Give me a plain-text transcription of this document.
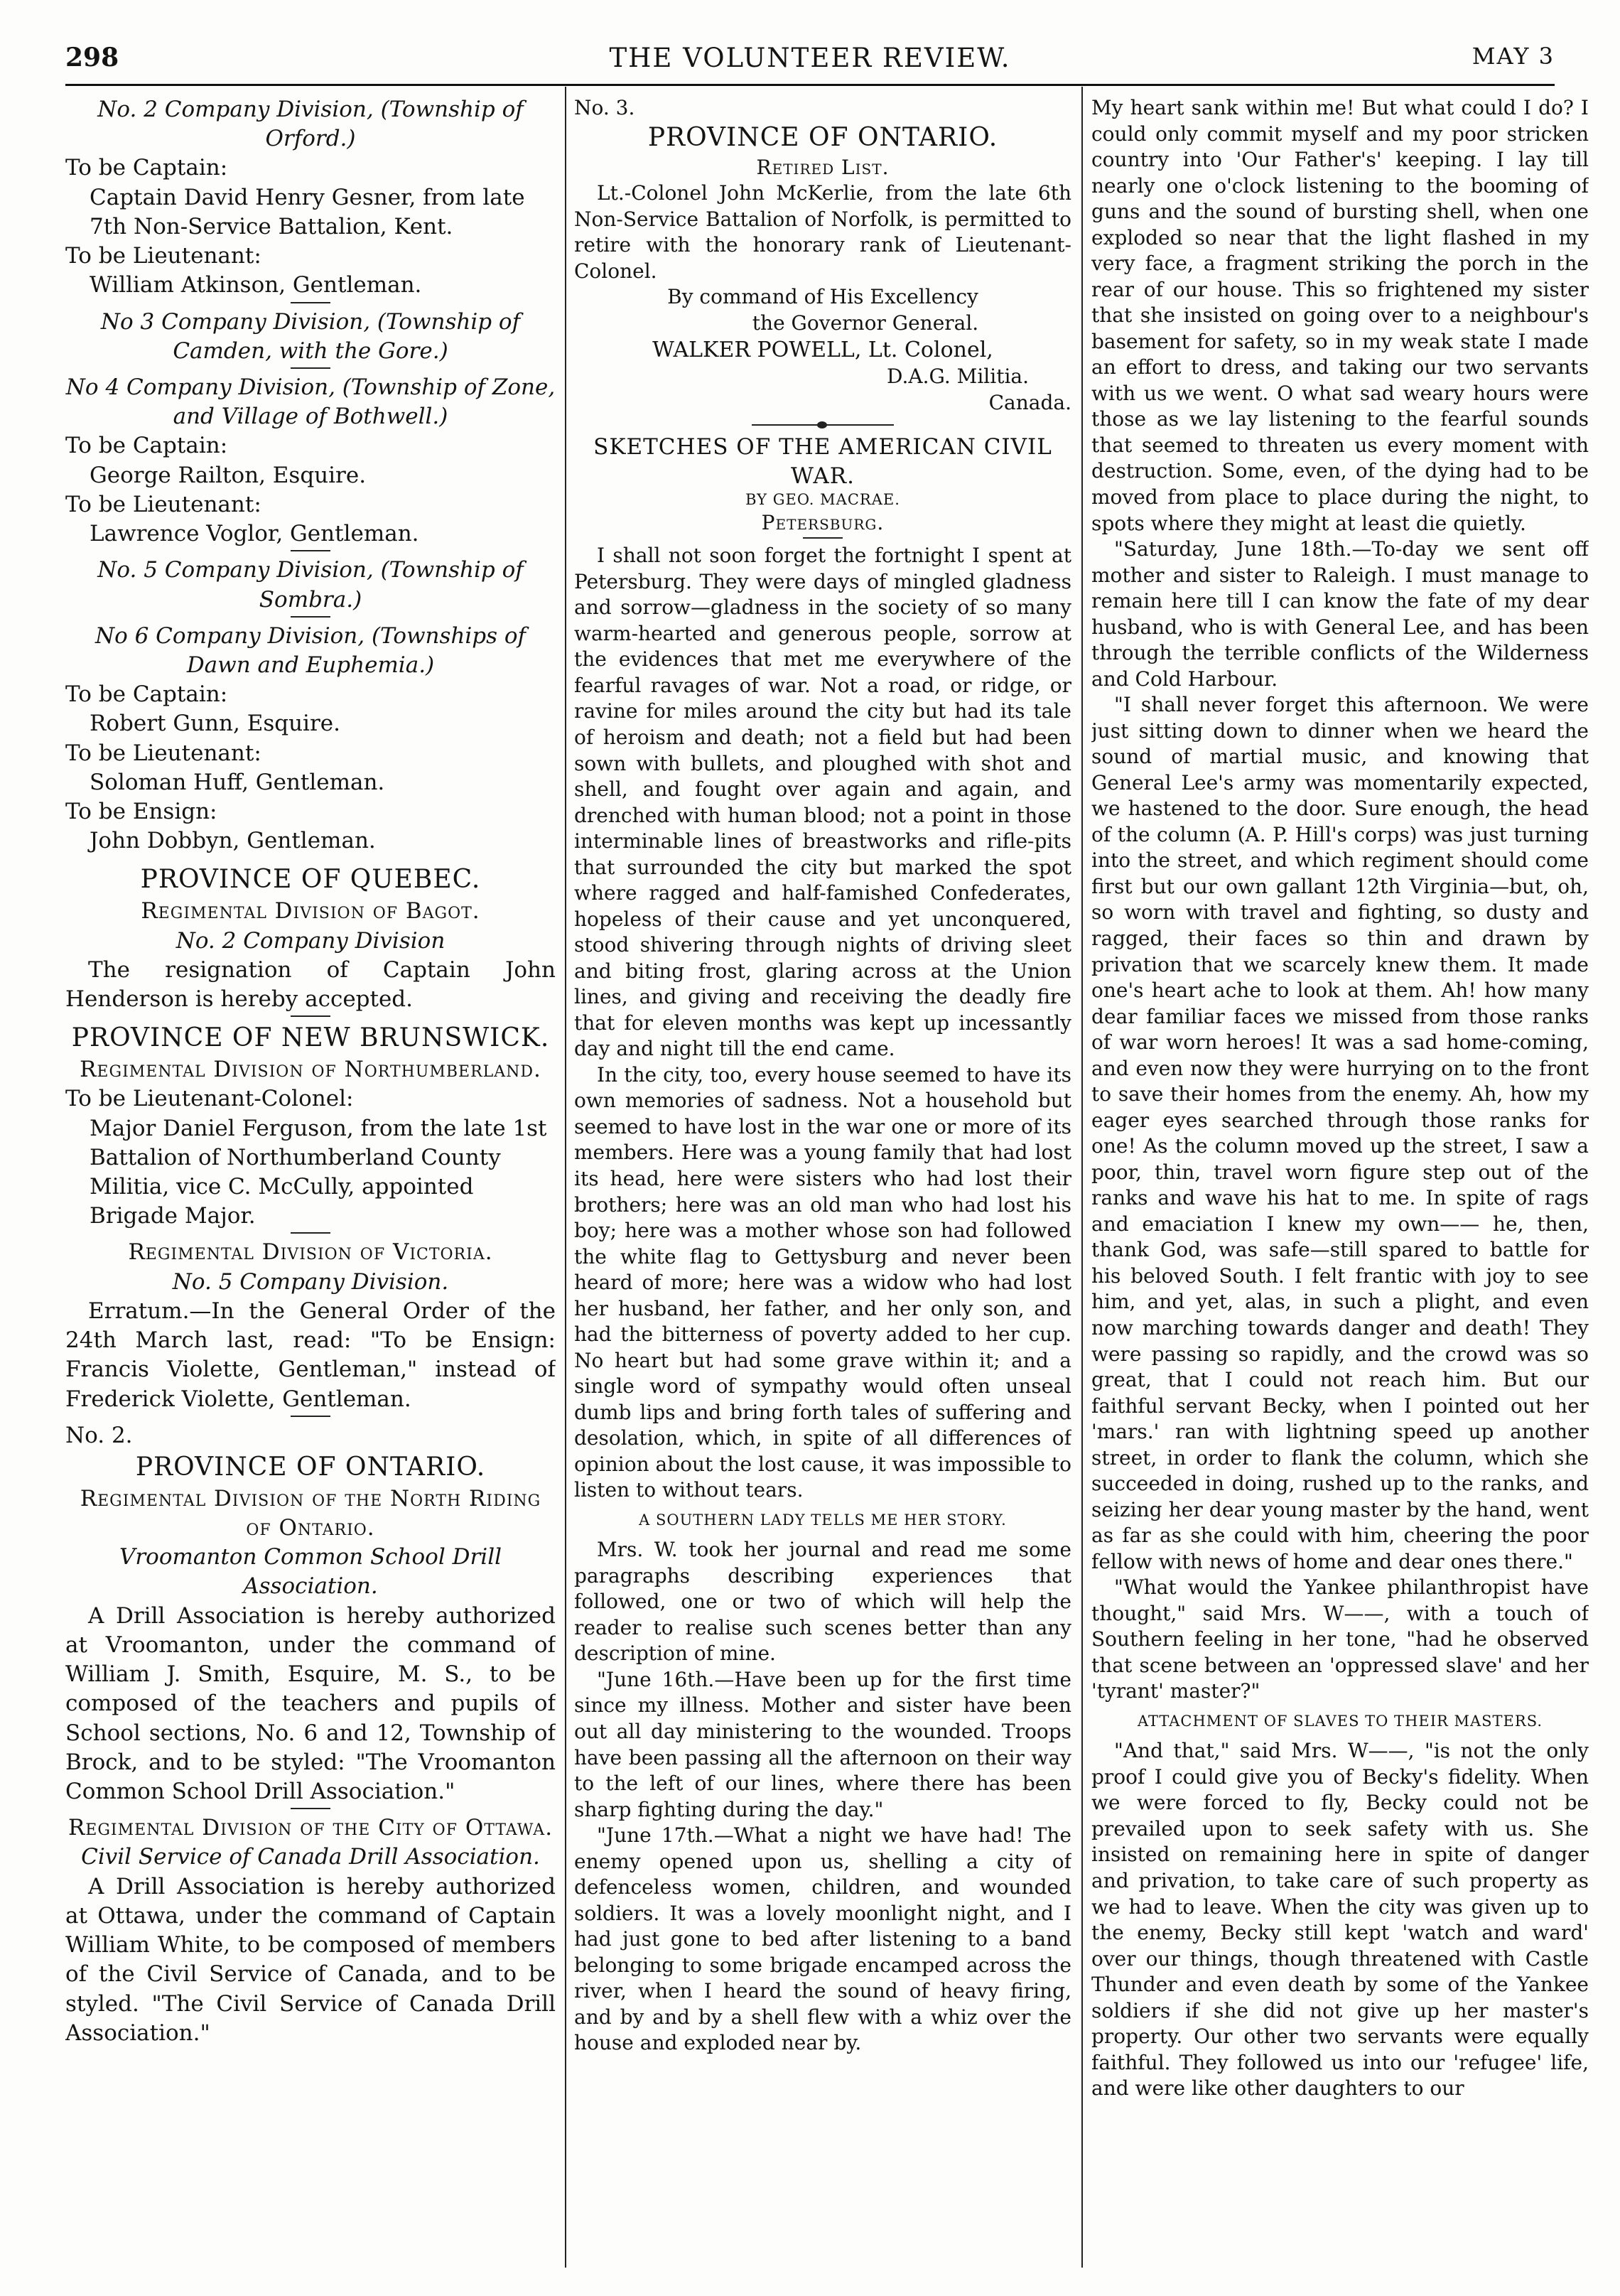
298	THE VOLUNTEER REVIEW.	MAY 3

No. 2 Company Division, (Township of Orford.)

To be Captain:

Captain David Henry Gesner, from late 7th Non-Service Battalion, Kent.

To be Lieutenant:

William Atkinson, Gentleman.

No 3 Company Division, (Township of Camden, with the Gore.)

No 4 Company Division, (Township of Zone, and Village of Bothwell.)

To be Captain:

George Railton, Esquire.

To be Lieutenant:

Lawrence Voglor, Gentleman.

No. 5 Company Division, (Township of Sombra.)

No 6 Company Division, (Townships of Dawn and Euphemia.)

To be Captain:

Robert Gunn, Esquire.

To be Lieutenant:

Soloman Huff, Gentleman.

To be Ensign:

John Dobbyn, Gentleman.

PROVINCE OF QUEBEC.

Regimental Division of Bagot.

No. 2 Company Division

The resignation of Captain John Henderson is hereby accepted.

PROVINCE OF NEW BRUNSWICK.

Regimental Division of Northumberland.

To be Lieutenant-Colonel:

Major Daniel Ferguson, from the late 1st Battalion of Northumberland County Militia, vice C. McCully, appointed Brigade Major.

Regimental Division of Victoria.

No. 5 Company Division.

Erratum.—In the General Order of the 24th March last, read: "To be Ensign: Francis Violette, Gentleman," instead of Frederick Violette, Gentleman.

No. 2.

PROVINCE OF ONTARIO.

Regimental Division of the North Riding of Ontario.

Vroomanton Common School Drill Association.

A Drill Association is hereby authorized at Vroomanton, under the command of William J. Smith, Esquire, M. S., to be composed of the teachers and pupils of School sections, No. 6 and 12, Township of Brock, and to be styled: "The Vroomanton Common School Drill Association."

Regimental Division of the City of Ottawa.

Civil Service of Canada Drill Association.

A Drill Association is hereby authorized at Ottawa, under the command of Captain William White, to be composed of members of the Civil Service of Canada, and to be styled. "The Civil Service of Canada Drill Association."

No. 3.

PROVINCE OF ONTARIO.

Retired List.

Lt.-Colonel John McKerlie, from the late 6th Non-Service Battalion of Norfolk, is permitted to retire with the honorary rank of Lieutenant-Colonel.

By command of His Excellency

the Governor General.

WALKER POWELL, Lt. Colonel,

D.A.G. Militia.

Canada.

SKETCHES OF THE AMERICAN CIVIL WAR.

BY GEO. MACRAE.

Petersburg.

I shall not soon forget the fortnight I spent at Petersburg. They were days of mingled gladness and sorrow—gladness in the society of so many warm-hearted and generous people, sorrow at the evidences that met me everywhere of the fearful ravages of war. Not a road, or ridge, or ravine for miles around the city but had its tale of heroism and death; not a field but had been sown with bullets, and ploughed with shot and shell, and fought over again and again, and drenched with human blood; not a point in those interminable lines of breastworks and rifle-pits that surrounded the city but marked the spot where ragged and half-famished Confederates, hopeless of their cause and yet unconquered, stood shivering through nights of driving sleet and biting frost, glaring across at the Union lines, and giving and receiving the deadly fire that for eleven months was kept up incessantly day and night till the end came.

In the city, too, every house seemed to have its own memories of sadness. Not a household but seemed to have lost in the war one or more of its members. Here was a young family that had lost its head, here were sisters who had lost their brothers; here was an old man who had lost his boy; here was a mother whose son had followed the white flag to Gettysburg and never been heard of more; here was a widow who had lost her husband, her father, and her only son, and had the bitterness of poverty added to her cup. No heart but had some grave within it; and a single word of sympathy would often unseal dumb lips and bring forth tales of suffering and desolation, which, in spite of all differences of opinion about the lost cause, it was impossible to listen to without tears.

A SOUTHERN LADY TELLS ME HER STORY.

Mrs. W. took her journal and read me some paragraphs describing experiences that followed, one or two of which will help the reader to realise such scenes better than any description of mine.

"June 16th.—Have been up for the first time since my illness. Mother and sister have been out all day ministering to the wounded. Troops have been passing all the afternoon on their way to the left of our lines, where there has been sharp fighting during the day."

"June 17th.—What a night we have had! The enemy opened upon us, shelling a city of defenceless women, children, and wounded soldiers. It was a lovely moonlight night, and I had just gone to bed after listening to a band belonging to some brigade encamped across the river, when I heard the sound of heavy firing, and by and by a shell flew with a whiz over the house and exploded near by.

My heart sank within me! But what could I do? I could only commit myself and my poor stricken country into 'Our Father's' keeping. I lay till nearly one o'clock listening to the booming of guns and the sound of bursting shell, when one exploded so near that the light flashed in my very face, a fragment striking the porch in the rear of our house. This so frightened my sister that she insisted on going over to a neighbour's basement for safety, so in my weak state I made an effort to dress, and taking our two servants with us we went. O what sad weary hours were those as we lay listening to the fearful sounds that seemed to threaten us every moment with destruction. Some, even, of the dying had to be moved from place to place during the night, to spots where they might at least die quietly.

"Saturday, June 18th.—To-day we sent off mother and sister to Raleigh. I must manage to remain here till I can know the fate of my dear husband, who is with General Lee, and has been through the terrible conflicts of the Wilderness and Cold Harbour.

"I shall never forget this afternoon. We were just sitting down to dinner when we heard the sound of martial music, and knowing that General Lee's army was momentarily expected, we hastened to the door. Sure enough, the head of the column (A. P. Hill's corps) was just turning into the street, and which regiment should come first but our own gallant 12th Virginia—but, oh, so worn with travel and fighting, so dusty and ragged, their faces so thin and drawn by privation that we scarcely knew them. It made one's heart ache to look at them. Ah! how many dear familiar faces we missed from those ranks of war worn heroes! It was a sad home-coming, and even now they were hurrying on to the front to save their homes from the enemy. Ah, how my eager eyes searched through those ranks for one! As the column moved up the street, I saw a poor, thin, travel worn figure step out of the ranks and wave his hat to me. In spite of rags and emaciation I knew my own—— he, then, thank God, was safe—still spared to battle for his beloved South. I felt frantic with joy to see him, and yet, alas, in such a plight, and even now marching towards danger and death! They were passing so rapidly, and the crowd was so great, that I could not reach him. But our faithful servant Becky, when I pointed out her 'mars.' ran with lightning speed up another street, in order to flank the column, which she succeeded in doing, rushed up to the ranks, and seizing her dear young master by the hand, went as far as she could with him, cheering the poor fellow with news of home and dear ones there."

"What would the Yankee philanthropist have thought," said Mrs. W——, with a touch of Southern feeling in her tone, "had he observed that scene between an 'oppressed slave' and her 'tyrant' master?"

ATTACHMENT OF SLAVES TO THEIR MASTERS.

"And that," said Mrs. W——, "is not the only proof I could give you of Becky's fidelity. When we were forced to fly, Becky could not be prevailed upon to seek safety with us. She insisted on remaining here in spite of danger and privation, to take care of such property as we had to leave. When the city was given up to the enemy, Becky still kept 'watch and ward' over our things, though threatened with Castle Thunder and even death by some of the Yankee soldiers if she did not give up her master's property. Our other two servants were equally faithful. They followed us into our 'refugee' life, and were like other daughters to our
